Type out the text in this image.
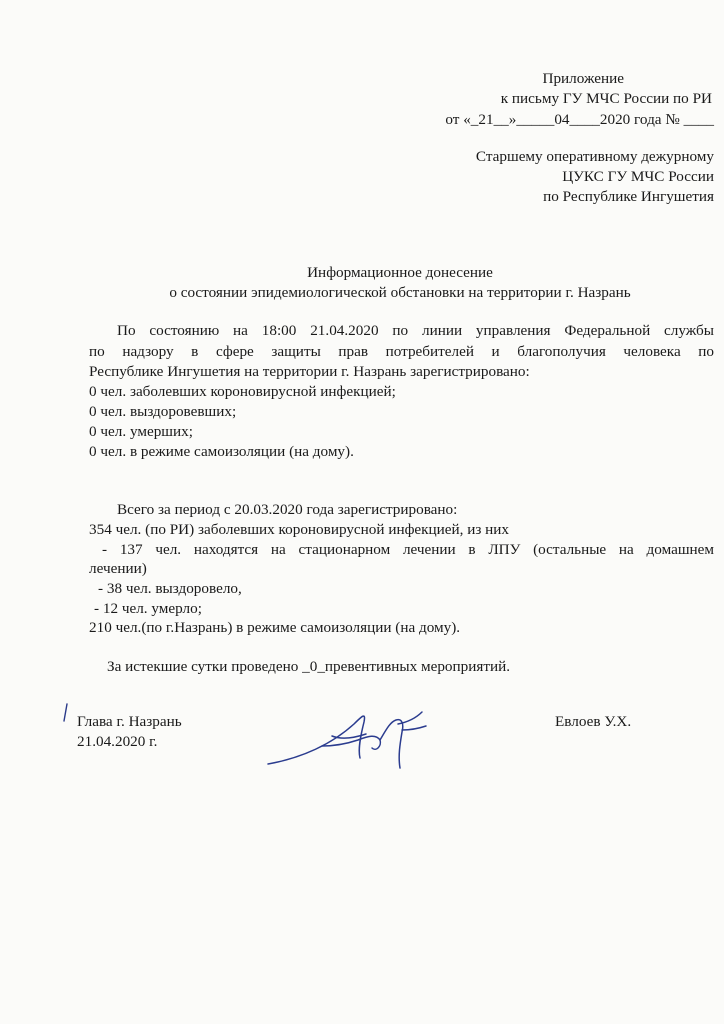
Приложение
к письму ГУ МЧС России по РИ
от «_21__»_____04____2020 года № ____
Старшему оперативному дежурному
ЦУКС ГУ МЧС России
по Республике Ингушетия
Информационное донесение
о состоянии эпидемиологической обстановки на территории г. Назрань
По состоянию на 18:00 21.04.2020 по линии управления Федеральной службы
по надзору в сфере защиты прав потребителей и благополучия человека по
Республике Ингушетия на территории г. Назрань зарегистрировано:
0 чел. заболевших короновирусной инфекцией;
0 чел. выздоровевших;
0 чел. умерших;
0 чел. в режиме самоизоляции (на дому).
Всего за период с 20.03.2020 года зарегистрировано:
354 чел. (по РИ) заболевших короновирусной инфекцией, из них
- 137 чел. находятся на стационарном лечении в ЛПУ (остальные на домашнем
лечении)
- 38 чел. выздоровело,
- 12 чел. умерло;
210 чел.(по г.Назрань) в режиме самоизоляции (на дому).
За истекшие сутки проведено _0_превентивных мероприятий.
Глава г. Назрань
21.04.2020 г.
Евлоев У.Х.
